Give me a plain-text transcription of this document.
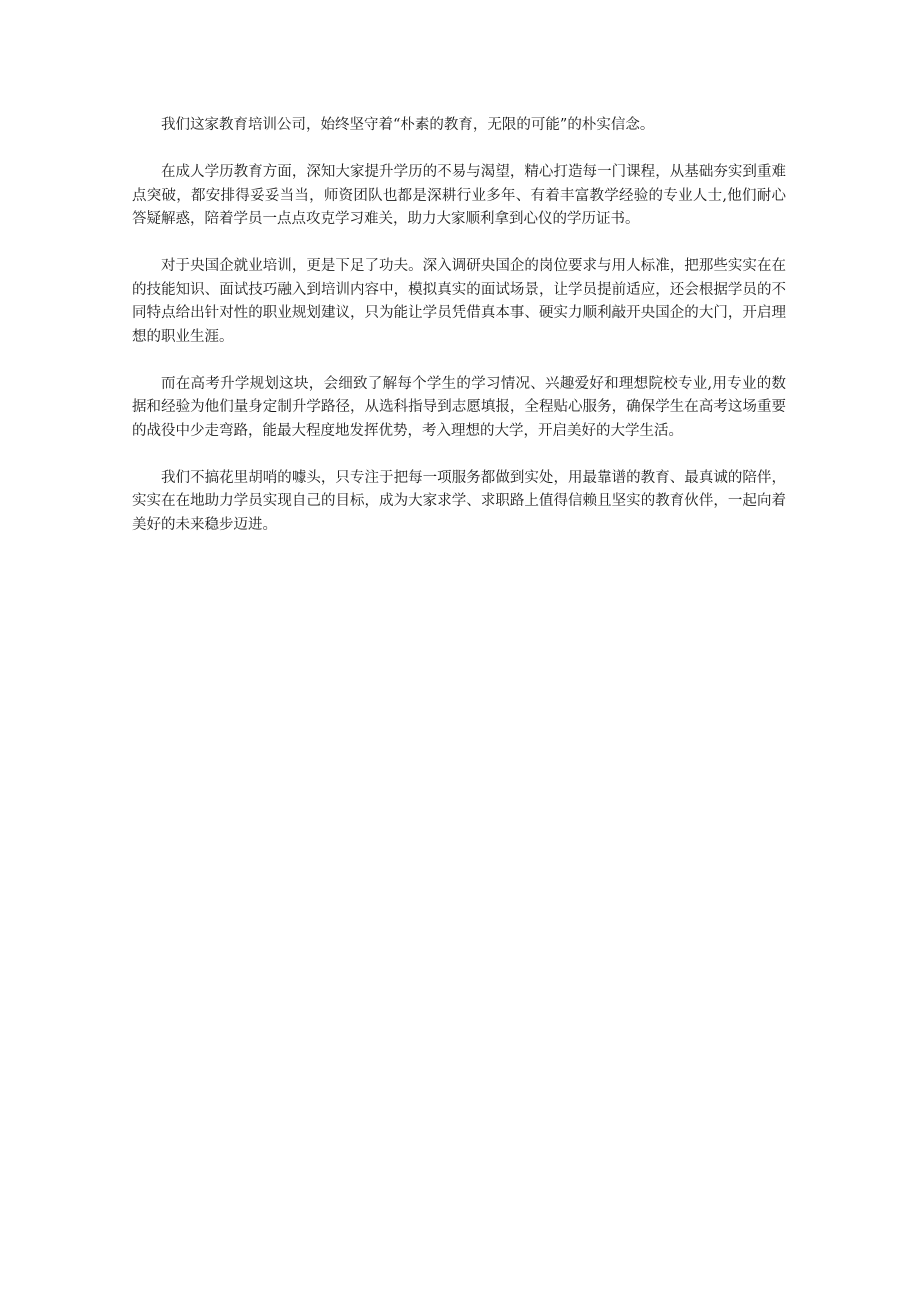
我们这家教育培训公司，始终坚守着“朴素的教育，无限的可能”的朴实信念。

在成人学历教育方面，深知大家提升学历的不易与渴望，精心打造每一门课程，从基础夯实到重难点突破，都安排得妥妥当当，师资团队也都是深耕行业多年、有着丰富教学经验的专业人士,他们耐心答疑解惑，陪着学员一点点攻克学习难关，助力大家顺利拿到心仪的学历证书。

对于央国企就业培训，更是下足了功夫。深入调研央国企的岗位要求与用人标准，把那些实实在在的技能知识、面试技巧融入到培训内容中，模拟真实的面试场景，让学员提前适应，还会根据学员的不同特点给出针对性的职业规划建议，只为能让学员凭借真本事、硬实力顺利敲开央国企的大门，开启理想的职业生涯。

而在高考升学规划这块，会细致了解每个学生的学习情况、兴趣爱好和理想院校专业,用专业的数据和经验为他们量身定制升学路径，从选科指导到志愿填报，全程贴心服务，确保学生在高考这场重要的战役中少走弯路，能最大程度地发挥优势，考入理想的大学，开启美好的大学生活。

我们不搞花里胡哨的噱头，只专注于把每一项服务都做到实处，用最靠谱的教育、最真诚的陪伴，实实在在地助力学员实现自己的目标，成为大家求学、求职路上值得信赖且坚实的教育伙伴，一起向着美好的未来稳步迈进。
